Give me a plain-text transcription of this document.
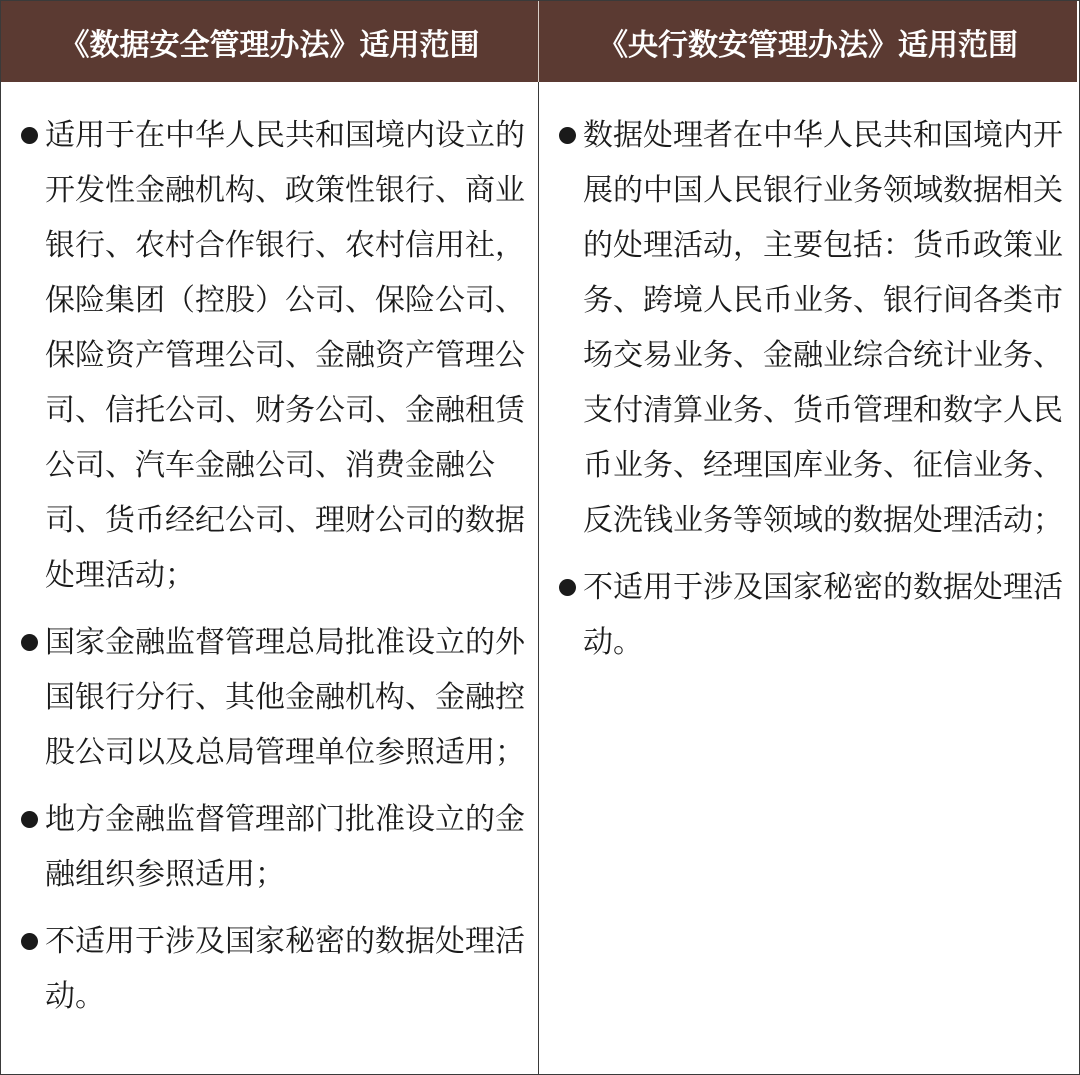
《数据安全管理办法》适用范围	《央行数安管理办法》适用范围
适用于在中华人民共和国境内设立的开发性金融机构、政策性银行、商业银行、农村合作银行、农村信用社，保险集团（控股）公司、保险公司、保险资产管理公司、金融资产管理公司、信托公司、财务公司、金融租赁公司、汽车金融公司、消费金融公司、货币经纪公司、理财公司的数据处理活动；
国家金融监督管理总局批准设立的外国银行分行、其他金融机构、金融控股公司以及总局管理单位参照适用；
地方金融监督管理部门批准设立的金融组织参照适用；
不适用于涉及国家秘密的数据处理活动。
数据处理者在中华人民共和国境内开展的中国人民银行业务领域数据相关的处理活动，主要包括：货币政策业务、跨境人民币业务、银行间各类市场交易业务、金融业综合统计业务、支付清算业务、货币管理和数字人民币业务、经理国库业务、征信业务、反洗钱业务等领域的数据处理活动；
不适用于涉及国家秘密的数据处理活动。
